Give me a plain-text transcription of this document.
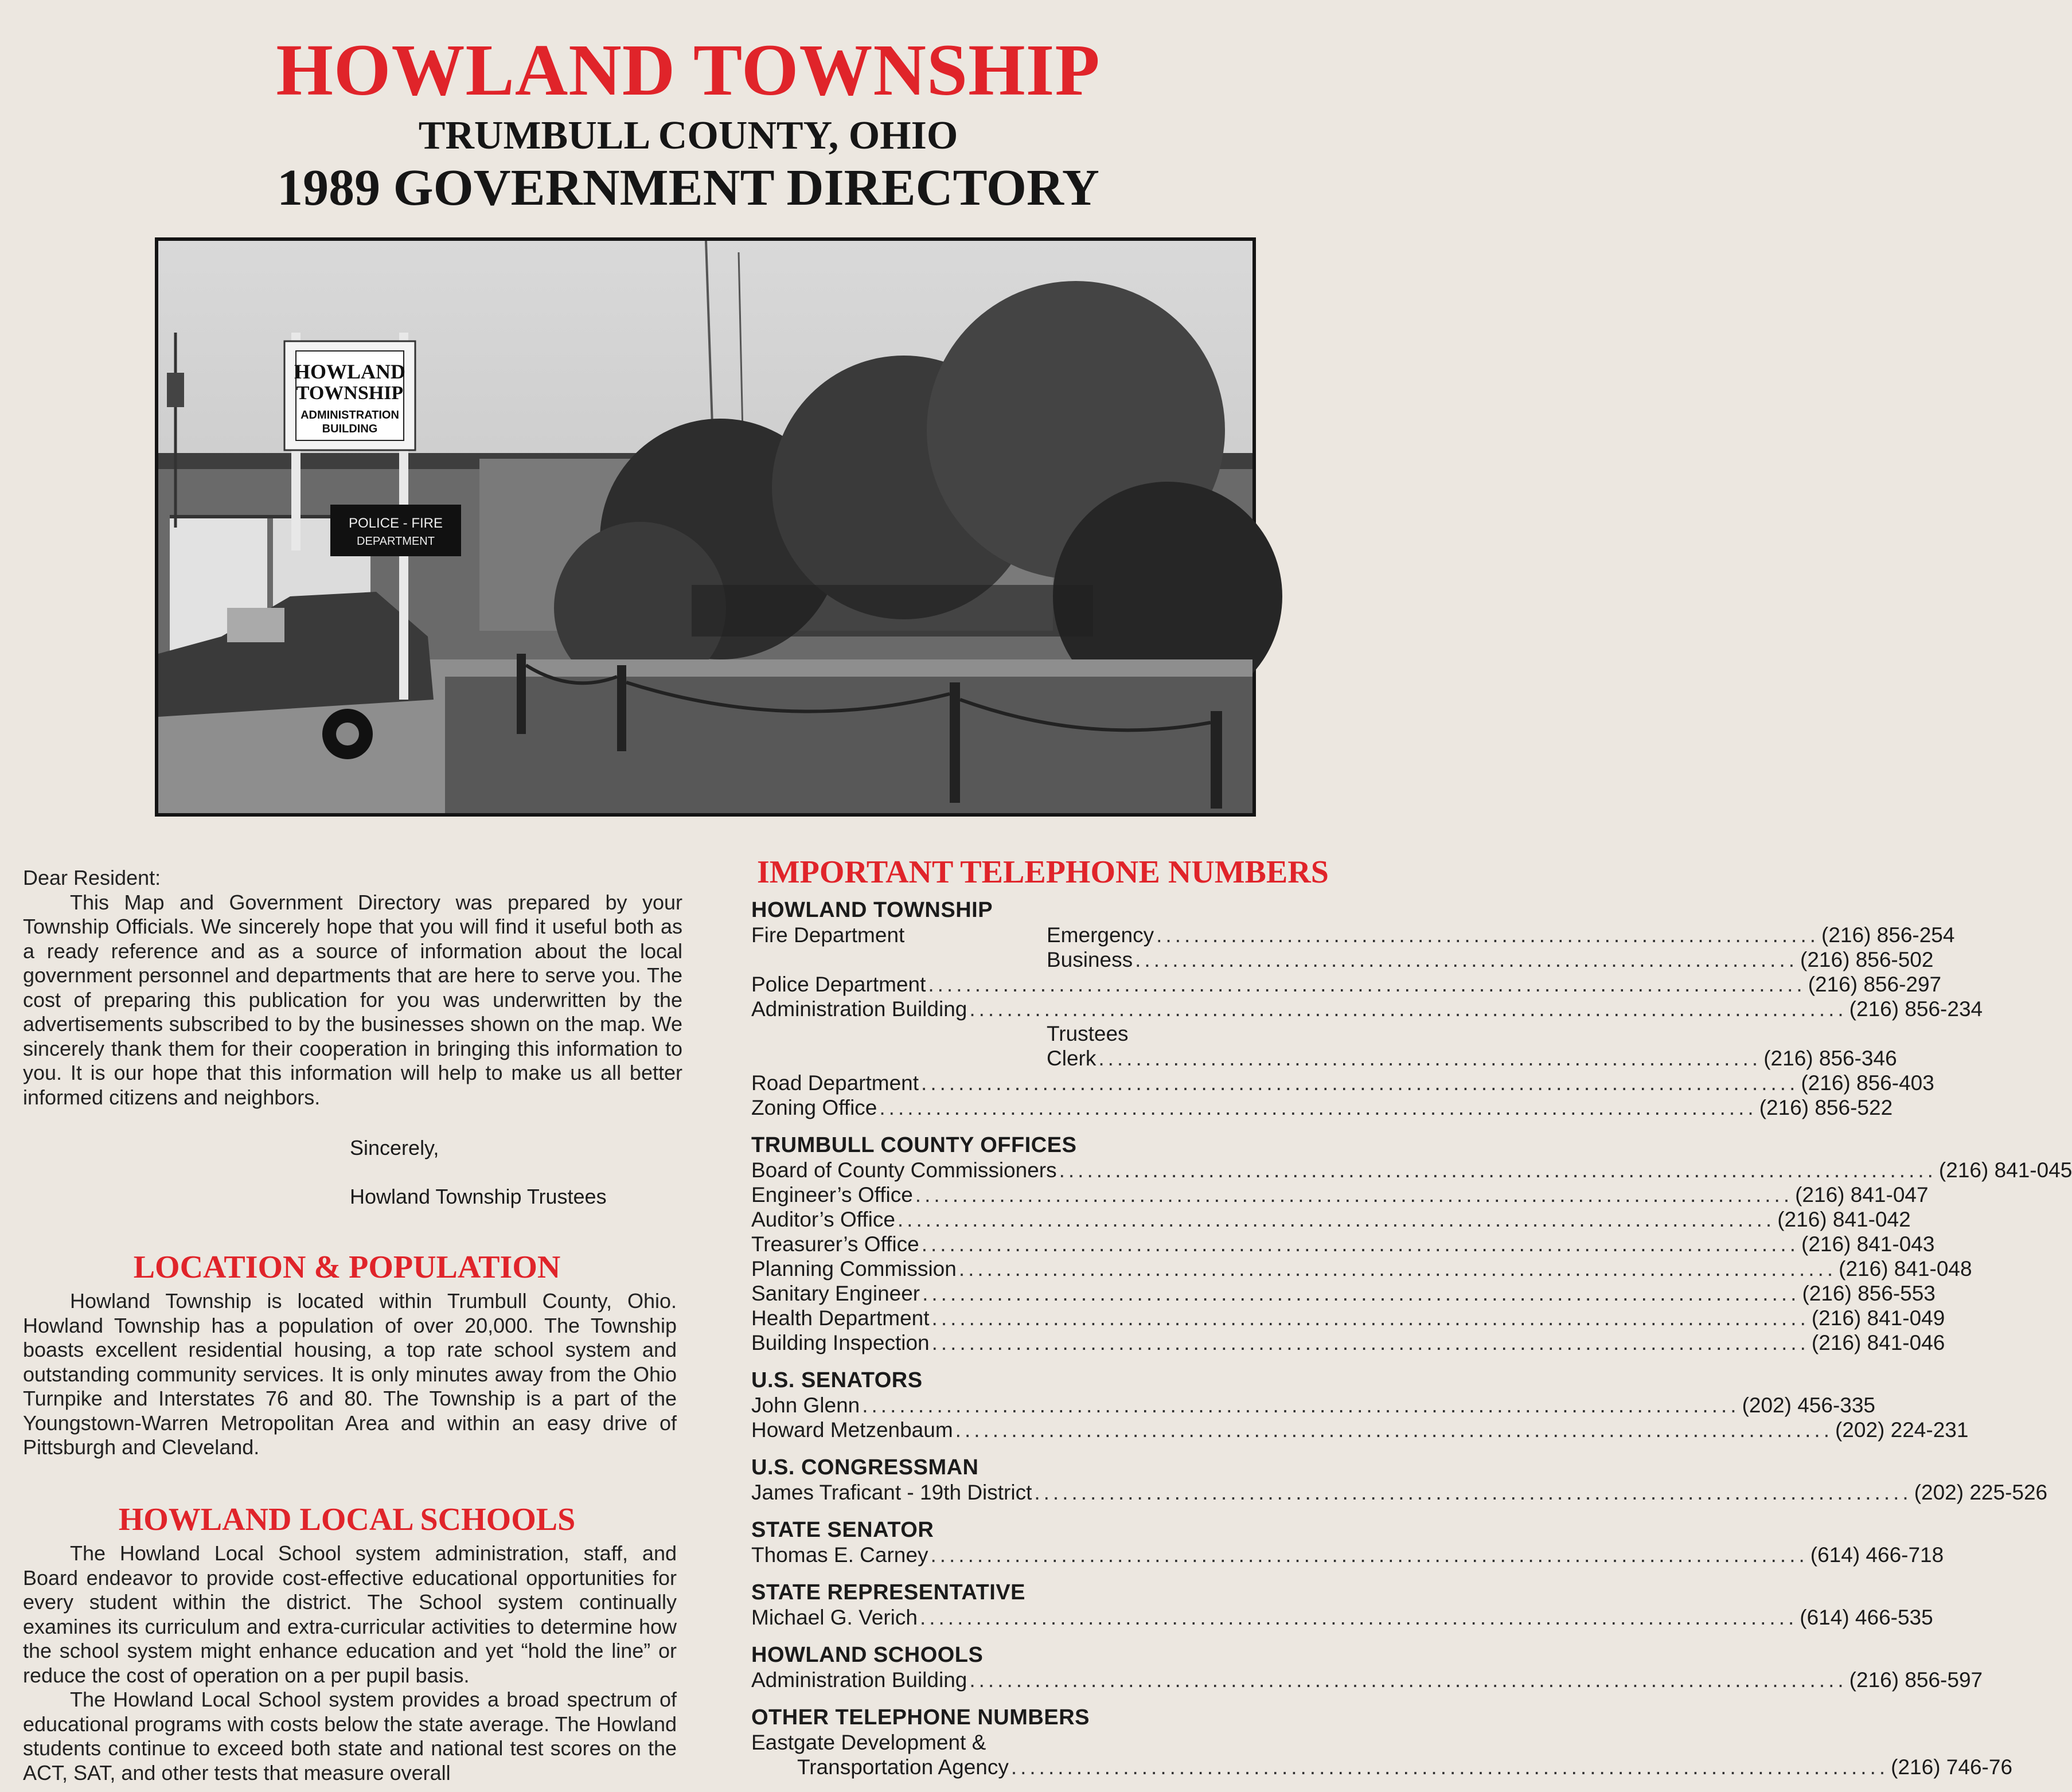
HOWLAND TOWNSHIP
TRUMBULL COUNTY, OHIO
1989 GOVERNMENT DIRECTORY
HOWLAND
TOWNSHIP
ADMINISTRATION
BUILDING
POLICE - FIRE
DEPARTMENT

Dear Resident:

This Map and Government Directory was prepared by your Township Officials. We sincerely hope that you will find it useful both as a ready reference and as a source of information about the local government personnel and departments that are here to serve you. The cost of preparing this publication for you was underwritten by the advertisements subscribed to by the businesses shown on the map. We sincerely thank them for their cooperation in bringing this information to you. It is our hope that this information will help to make us all better informed citizens and neighbors.

Sincerely,
Howland Township Trustees
LOCATION & POPULATION

Howland Township is located within Trumbull County, Ohio. Howland Township has a population of over 20,000. The Township boasts excellent residential housing, a top rate school system and outstanding community services. It is only minutes away from the Ohio Turnpike and Interstates 76 and 80. The Township is a part of the Youngstown-Warren Metropolitan Area and within an easy drive of Pittsburgh and Cleveland.

HOWLAND LOCAL SCHOOLS

The Howland Local School system administration, staff, and Board endeavor to provide cost-effective educational opportunities for every student within the district. The School system continually examines its curriculum and extra-curricular activities to determine how the school system might enhance education and yet “hold the line” or reduce the cost of operation on a per pupil basis.

The Howland Local School system provides a broad spectrum of educational programs with costs below the state average. The Howland students continue to exceed both state and national test scores on the ACT, SAT, and other tests that measure overall

IMPORTANT TELEPHONE NUMBERS
HOWLAND TOWNSHIP
Fire Department	Emergency ....................................................................... (216) 856-254
Business ....................................................................... (216) 856-502
Police Department .............................................................................................. (216) 856-297
Administration Building .............................................................................................. (216) 856-234
Trustees
Clerk ....................................................................... (216) 856-346
Road Department .............................................................................................. (216) 856-403
Zoning Office .............................................................................................. (216) 856-522
TRUMBULL COUNTY OFFICES
Board of County Commissioners .............................................................................................. (216) 841-045
Engineer’s Office .............................................................................................. (216) 841-047
Auditor’s Office .............................................................................................. (216) 841-042
Treasurer’s Office .............................................................................................. (216) 841-043
Planning Commission .............................................................................................. (216) 841-048
Sanitary Engineer .............................................................................................. (216) 856-553
Health Department .............................................................................................. (216) 841-049
Building Inspection .............................................................................................. (216) 841-046
U.S. SENATORS
John Glenn .............................................................................................. (202) 456-335
Howard Metzenbaum .............................................................................................. (202) 224-231
U.S. CONGRESSMAN
James Traficant - 19th District .............................................................................................. (202) 225-526
STATE SENATOR
Thomas E. Carney .............................................................................................. (614) 466-718
STATE REPRESENTATIVE
Michael G. Verich .............................................................................................. (614) 466-535
HOWLAND SCHOOLS
Administration Building .............................................................................................. (216) 856-597
OTHER TELEPHONE NUMBERS
Eastgate Development &
Transportation Agency .............................................................................................. (216) 746-76
